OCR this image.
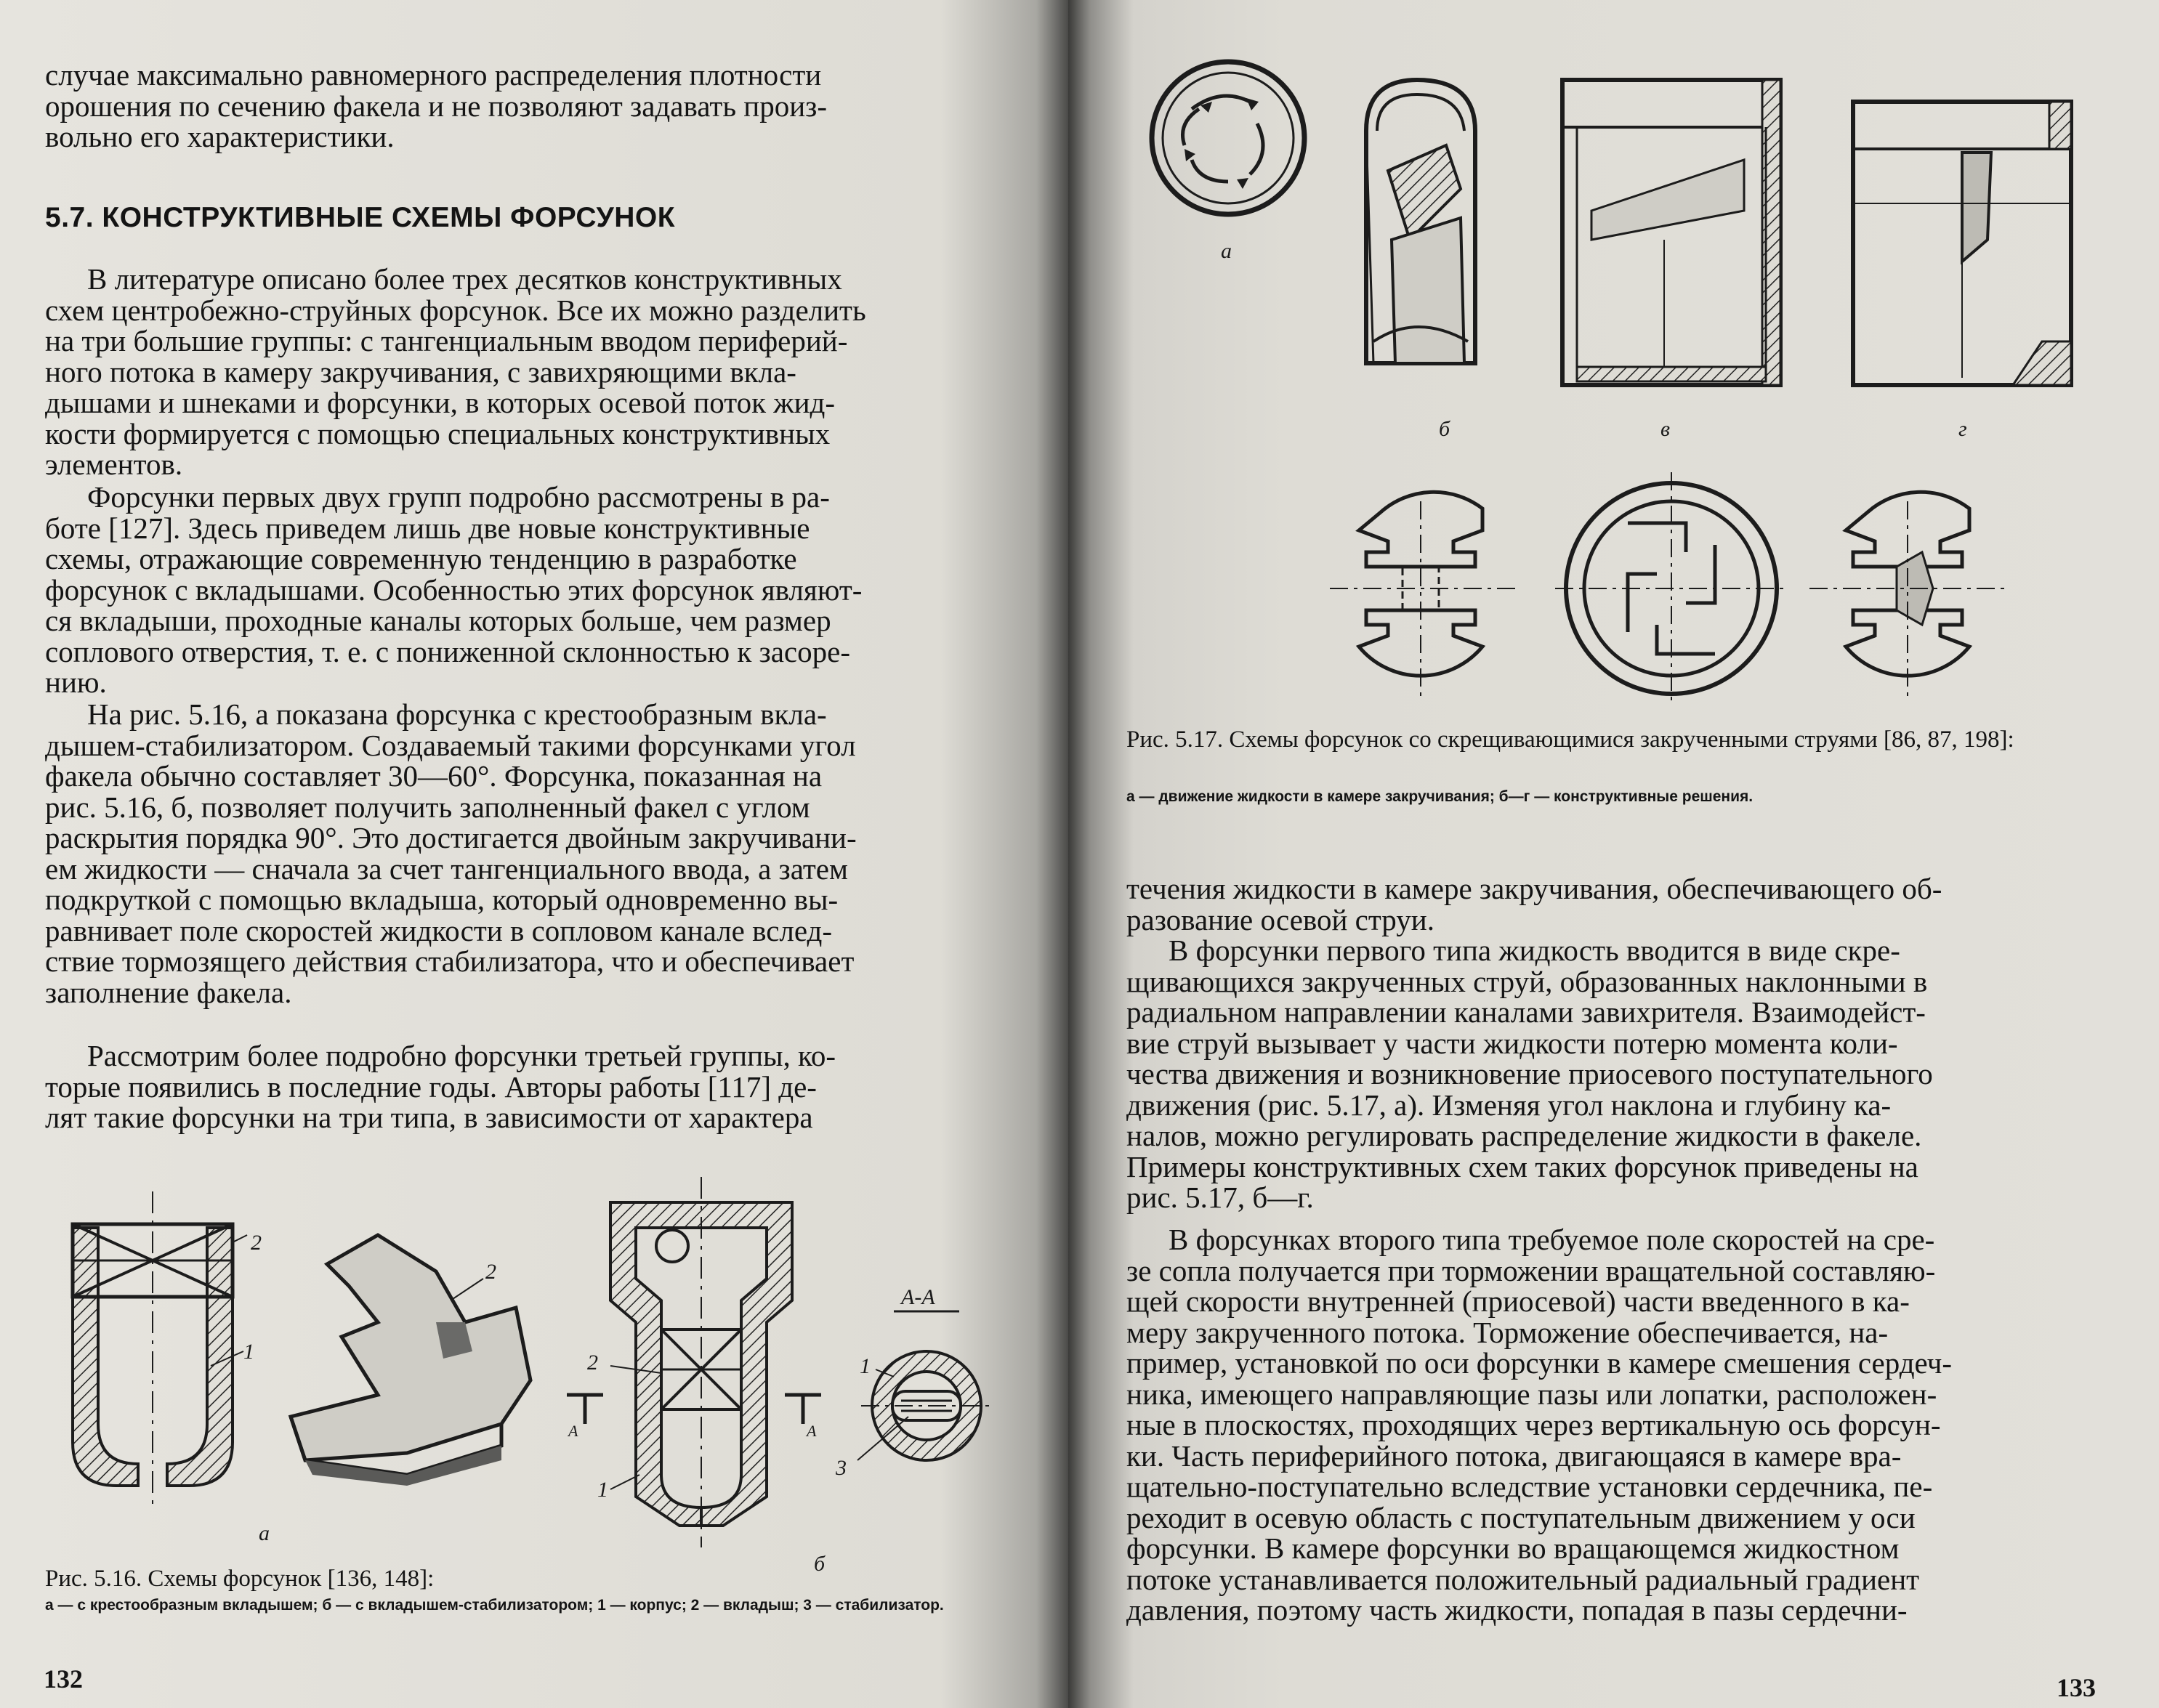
случае максимально равномерного распределения плотности

орошения по сечению факела и не позволяют задавать произ-

вольно его характеристики.

5.7. КОНСТРУКТИВНЫЕ СХЕМЫ ФОРСУНОК

В литературе описано более трех десятков конструктивных

схем центробежно-струйных форсунок. Все их можно разделить

на три большие группы: с тангенциальным вводом периферий-

ного потока в камеру закручивания, с завихряющими вкла-

дышами и шнеками и форсунки, в которых осевой поток жид-

кости формируется с помощью специальных конструктивных

элементов.

Форсунки первых двух групп подробно рассмотрены в ра-

боте [127]. Здесь приведем лишь две новые конструктивные

схемы, отражающие современную тенденцию в разработке

форсунок с вкладышами. Особенностью этих форсунок являют-

ся вкладыши, проходные каналы которых больше, чем размер

соплового отверстия, т. е. с пониженной склонностью к засоре-

нию.

На рис. 5.16, а показана форсунка с крестообразным вкла-

дышем-стабилизатором. Создаваемый такими форсунками угол

факела обычно составляет 30—60°. Форсунка, показанная на

рис. 5.16, б, позволяет получить заполненный факел с углом

раскрытия порядка 90°. Это достигается двойным закручивани-

ем жидкости — сначала за счет тангенциального ввода, а затем

подкруткой с помощью вкладыша, который одновременно вы-

равнивает поле скоростей жидкости в сопловом канале вслед-

ствие тормозящего действия стабилизатора, что и обеспечивает

заполнение факела.

Рассмотрим более подробно форсунки третьей группы, ко-

торые появились в последние годы. Авторы работы [117] де-

лят такие форсунки на три типа, в зависимости от характера

2
1
2
а
2
1
А	А
б
А-А
1
3
Рис. 5.16. Схемы форсунок [136, 148]:
а — с крестообразным вкладышем; б — с вкладышем-стабилизатором; 1 — корпус; 2 — вкладыш; 3 — стабилизатор.
132
а
б	в	г
Рис. 5.17. Схемы форсунок со скрещивающимися закрученными струями [86, 87, 198]:
а — движение жидкости в камере закручивания; б—г — конструктивные решения.

течения жидкости в камере закручивания, обеспечивающего об-

разование осевой струи.

В форсунки первого типа жидкость вводится в виде скре-

щивающихся закрученных струй, образованных наклонными в

радиальном направлении каналами завихрителя. Взаимодейст-

вие струй вызывает у части жидкости потерю момента коли-

чества движения и возникновение приосевого поступательного

движения (рис. 5.17, а). Изменяя угол наклона и глубину ка-

налов, можно регулировать распределение жидкости в факеле.

Примеры конструктивных схем таких форсунок приведены на

рис. 5.17, б—г.

В форсунках второго типа требуемое поле скоростей на сре-

зе сопла получается при торможении вращательной составляю-

щей скорости внутренней (приосевой) части введенного в ка-

меру закрученного потока. Торможение обеспечивается, на-

пример, установкой по оси форсунки в камере смешения сердеч-

ника, имеющего направляющие пазы или лопатки, расположен-

ные в плоскостях, проходящих через вертикальную ось форсун-

ки. Часть периферийного потока, двигающаяся в камере вра-

щательно-поступательно вследствие установки сердечника, пе-

реходит в осевую область с поступательным движением у оси

форсунки. В камере форсунки во вращающемся жидкостном

потоке устанавливается положительный радиальный градиент

давления, поэтому часть жидкости, попадая в пазы сердечни-

133
